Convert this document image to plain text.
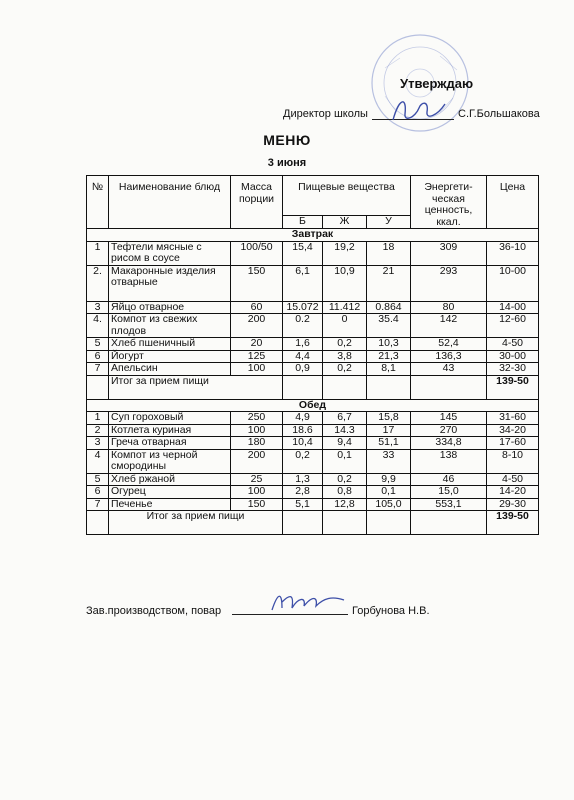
Утверждаю
Директор школы	С.Г.Большакова
МЕНЮ
3 июня
№	Наименование блюд	Масса порции	Пищевые вещества			Энергети-ческая ценность, ккал.	Цена
			Б	Ж	У		
Завтрак							
1	Тефтели мясные с рисом в соусе	100/50	15,4	19,2	18	309	36-10
2.	Макаронные изделия отварные	150	6,1	10,9	21	293	10-00
3	Яйцо отварное	60	15.072	11.412	0.864	80	14-00
4.	Компот из свежих плодов	200	0.2	0	35.4	142	12-60
5	Хлеб пшеничный	20	1,6	0,2	10,3	52,4	4-50
6	Йогурт	125	4,4	3,8	21,3	136,3	30-00
7	Апельсин	100	0,9	0,2	8,1	43	32-30
	Итог за прием пищи						139-50
Обед							
1	Суп гороховый	250	4,9	6,7	15,8	145	31-60
2	Котлета куриная	100	18.6	14.3	17	270	34-20
3	Греча отварная	180	10,4	9,4	51,1	334,8	17-60
4	Компот из черной смородины	200	0,2	0,1	33	138	8-10
5	Хлеб ржаной	25	1,3	0,2	9,9	46	4-50
6	Огурец	100	2,8	0,8	0,1	15,0	14-20
7	Печенье	150	5,1	12,8	105,0	553,1	29-30
	Итог за прием пищи						139-50
Зав.производством, повар	Горбунова Н.В.
